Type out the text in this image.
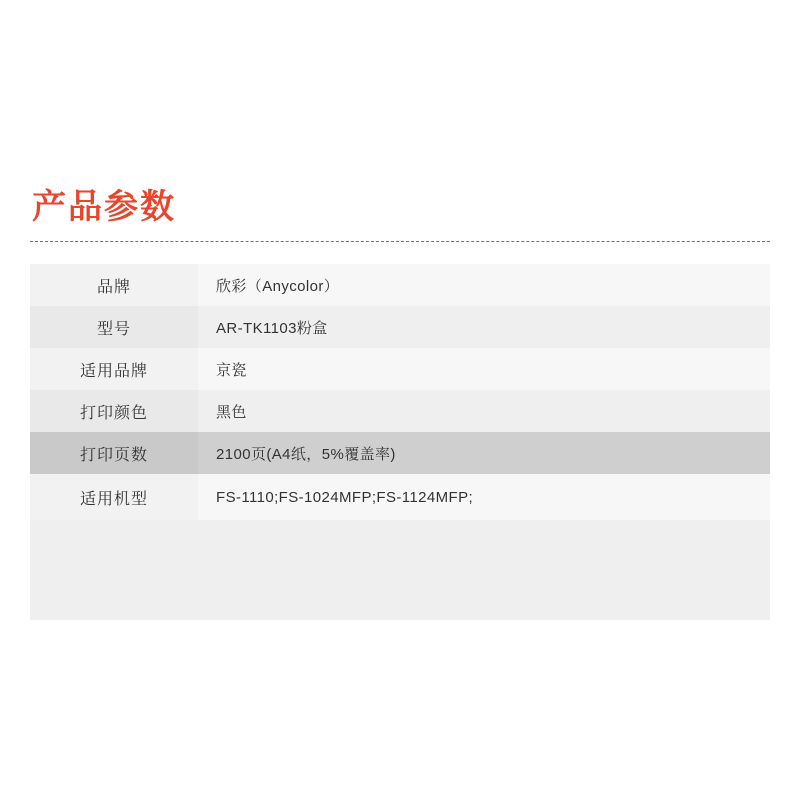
产品参数
品牌	欣彩（Anycolor）
型号	AR-TK1103粉盒
适用品牌	京瓷
打印颜色	黑色
打印页数	2100页(A4纸，5%覆盖率)
适用机型	FS-1110;FS-1024MFP;FS-1124MFP;
